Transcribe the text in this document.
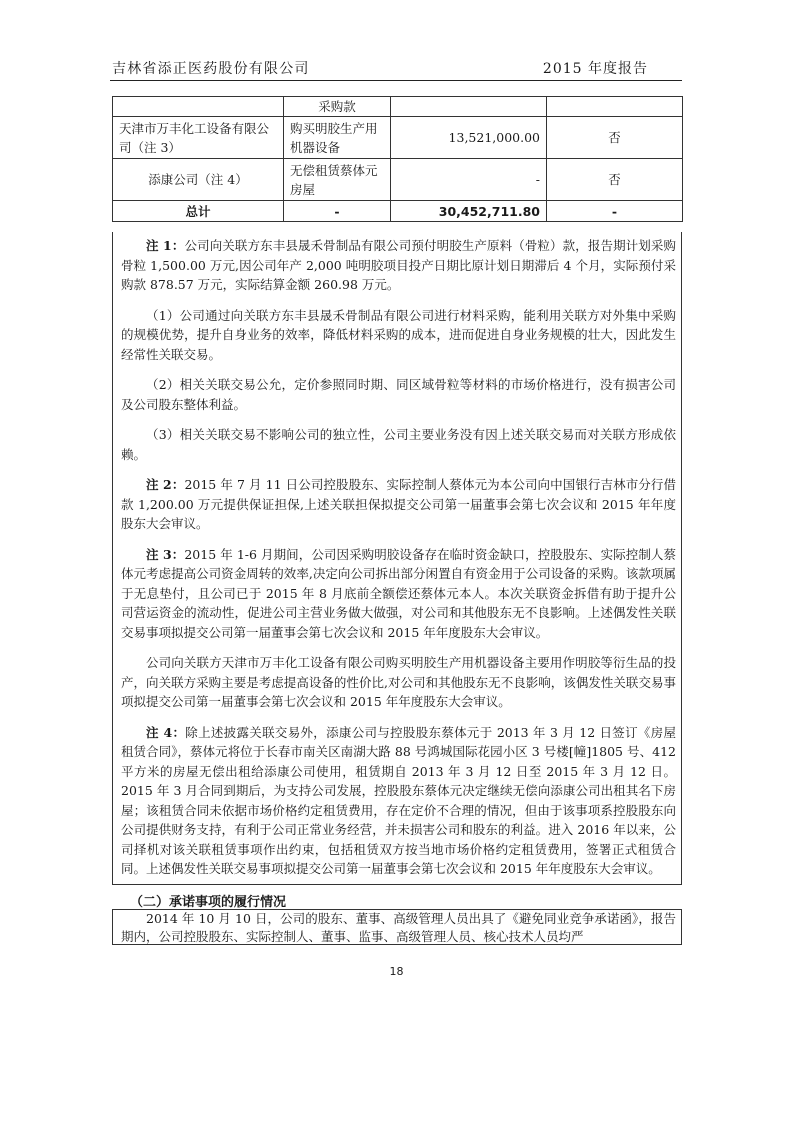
吉林省添正医药股份有限公司	2015 年度报告
	采购款		
天津市万丰化工设备有限公司（注 3）	购买明胶生产用机器设备	13,521,000.00	否
添康公司（注 4）	无偿租赁蔡体元房屋	-	否
总计	-	30,452,711.80	-

注 1：公司向关联方东丰县晟禾骨制品有限公司预付明胶生产原料（骨粒）款，报告期计划采购骨粒 1,500.00 万元,因公司年产 2,000 吨明胶项目投产日期比原计划日期滞后 4 个月，实际预付采购款 878.57 万元，实际结算金额 260.98 万元。

（1）公司通过向关联方东丰县晟禾骨制品有限公司进行材料采购，能利用关联方对外集中采购的规模优势，提升自身业务的效率，降低材料采购的成本，进而促进自身业务规模的壮大，因此发生经常性关联交易。

（2）相关关联交易公允，定价参照同时期、同区域骨粒等材料的市场价格进行，没有损害公司及公司股东整体利益。

（3）相关关联交易不影响公司的独立性，公司主要业务没有因上述关联交易而对关联方形成依赖。

注 2：2015 年 7 月 11 日公司控股股东、实际控制人蔡体元为本公司向中国银行吉林市分行借款 1,200.00 万元提供保证担保,上述关联担保拟提交公司第一届董事会第七次会议和 2015 年年度股东大会审议。

注 3：2015 年 1-6 月期间，公司因采购明胶设备存在临时资金缺口，控股股东、实际控制人蔡体元考虑提高公司资金周转的效率,决定向公司拆出部分闲置自有资金用于公司设备的采购。该款项属于无息垫付，且公司已于 2015 年 8 月底前全额偿还蔡体元本人。本次关联资金拆借有助于提升公司营运资金的流动性，促进公司主营业务做大做强，对公司和其他股东无不良影响。上述偶发性关联交易事项拟提交公司第一届董事会第七次会议和 2015 年年度股东大会审议。

公司向关联方天津市万丰化工设备有限公司购买明胶生产用机器设备主要用作明胶等衍生品的投产，向关联方采购主要是考虑提高设备的性价比,对公司和其他股东无不良影响，该偶发性关联交易事项拟提交公司第一届董事会第七次会议和 2015 年年度股东大会审议。

注 4：除上述披露关联交易外，添康公司与控股股东蔡体元于 2013 年 3 月 12 日签订《房屋租赁合同》，蔡体元将位于长春市南关区南湖大路 88 号鸿城国际花园小区 3 号楼[幢]1805 号、412 平方米的房屋无偿出租给添康公司使用，租赁期自 2013 年 3 月 12 日至 2015 年 3 月 12 日。2015 年 3 月合同到期后，为支持公司发展，控股股东蔡体元决定继续无偿向添康公司出租其名下房屋；该租赁合同未依据市场价格约定租赁费用，存在定价不合理的情况，但由于该事项系控股股东向公司提供财务支持，有利于公司正常业务经营，并未损害公司和股东的利益。进入 2016 年以来，公司择机对该关联租赁事项作出约束，包括租赁双方按当地市场价格约定租赁费用，签署正式租赁合同。上述偶发性关联交易事项拟提交公司第一届董事会第七次会议和 2015 年年度股东大会审议。

（二）承诺事项的履行情况

2014 年 10 月 10 日，公司的股东、董事、高级管理人员出具了《避免同业竞争承诺函》，报告期内，公司控股股东、实际控制人、董事、监事、高级管理人员、核心技术人员均严

18
